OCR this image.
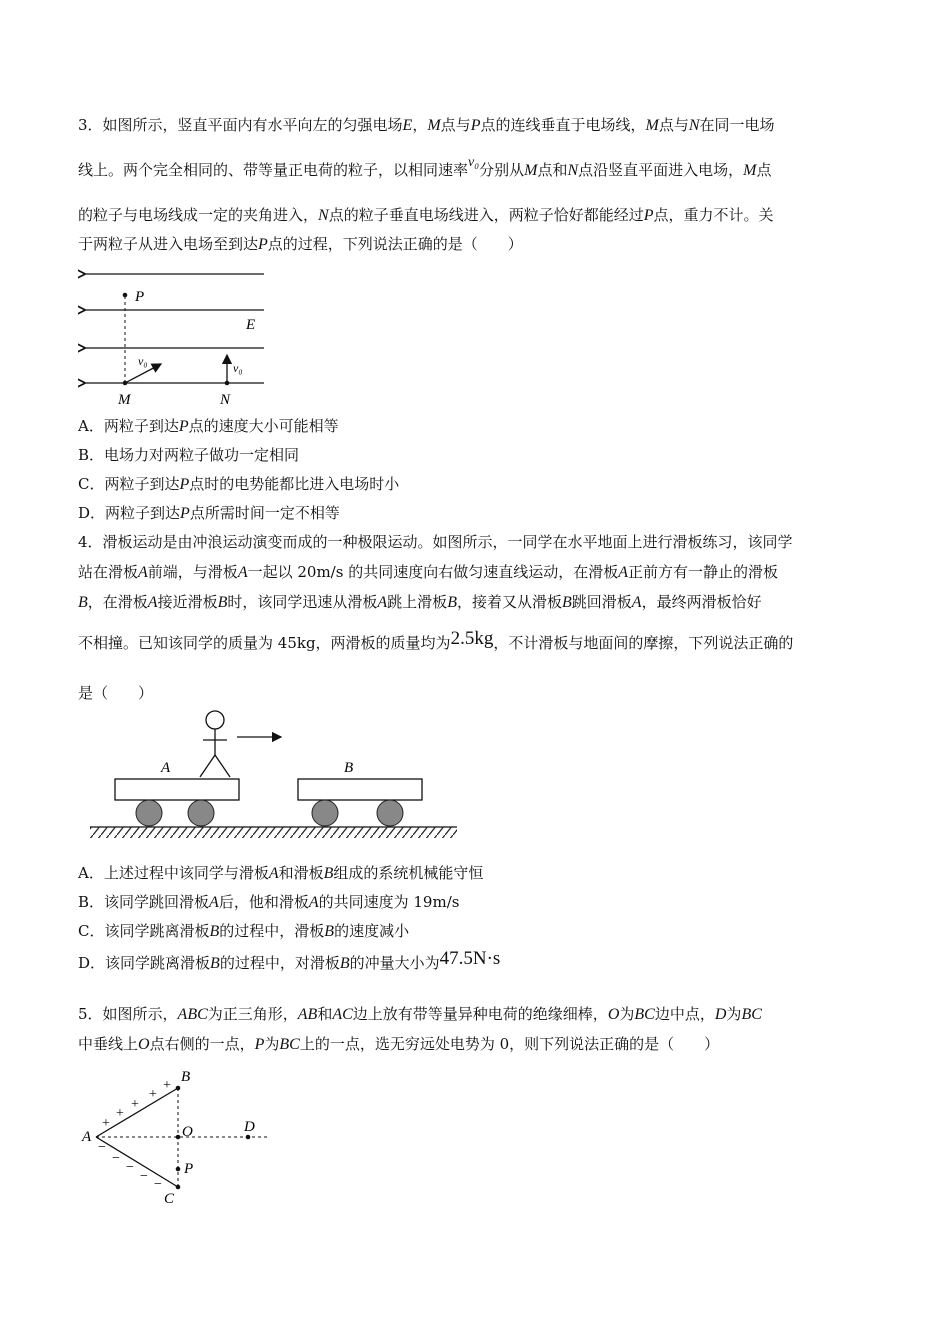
3．如图所示，竖直平面内有水平向左的匀强电场E，M点与P点的连线垂直于电场线，M点与N在同一电场
线上。两个完全相同的、带等量正电荷的粒子，以相同速率v₀分别从M点和N点沿竖直平面进入电场，M点
的粒子与电场线成一定的夹角进入，N点的粒子垂直电场线进入，两粒子恰好都能经过P点，重力不计。关
于两粒子从进入电场至到达P点的过程，下列说法正确的是（　　）
P
E
v₀	v₀
M	N
A．两粒子到达P点的速度大小可能相等
B．电场力对两粒子做功一定相同
C．两粒子到达P点时的电势能都比进入电场时小
D．两粒子到达P点所需时间一定不相等
4．滑板运动是由冲浪运动演变而成的一种极限运动。如图所示，一同学在水平地面上进行滑板练习，该同学
站在滑板A前端，与滑板A一起以 20m/s 的共同速度向右做匀速直线运动，在滑板A正前方有一静止的滑板
B，在滑板A接近滑板B时，该同学迅速从滑板A跳上滑板B，接着又从滑板B跳回滑板A，最终两滑板恰好
不相撞。已知该同学的质量为 45kg，两滑板的质量均为2.5kg，不计滑板与地面间的摩擦，下列说法正确的
是（　　）
A	B
A．上述过程中该同学与滑板A和滑板B组成的系统机械能守恒
B．该同学跳回滑板A后，他和滑板A的共同速度为 19m/s
C．该同学跳离滑板B的过程中，滑板B的速度减小
D．该同学跳离滑板B的过程中，对滑板B的冲量大小为47.5N·s
5．如图所示，ABC为正三角形，AB和AC边上放有带等量异种电荷的绝缘细棒，O为BC边中点，D为BC
中垂线上O点右侧的一点，P为BC上的一点，选无穷远处电势为 0，则下列说法正确的是（　　）
+
+
+
+
+
−
−
−
−
−
A
B
C
O	D
P
